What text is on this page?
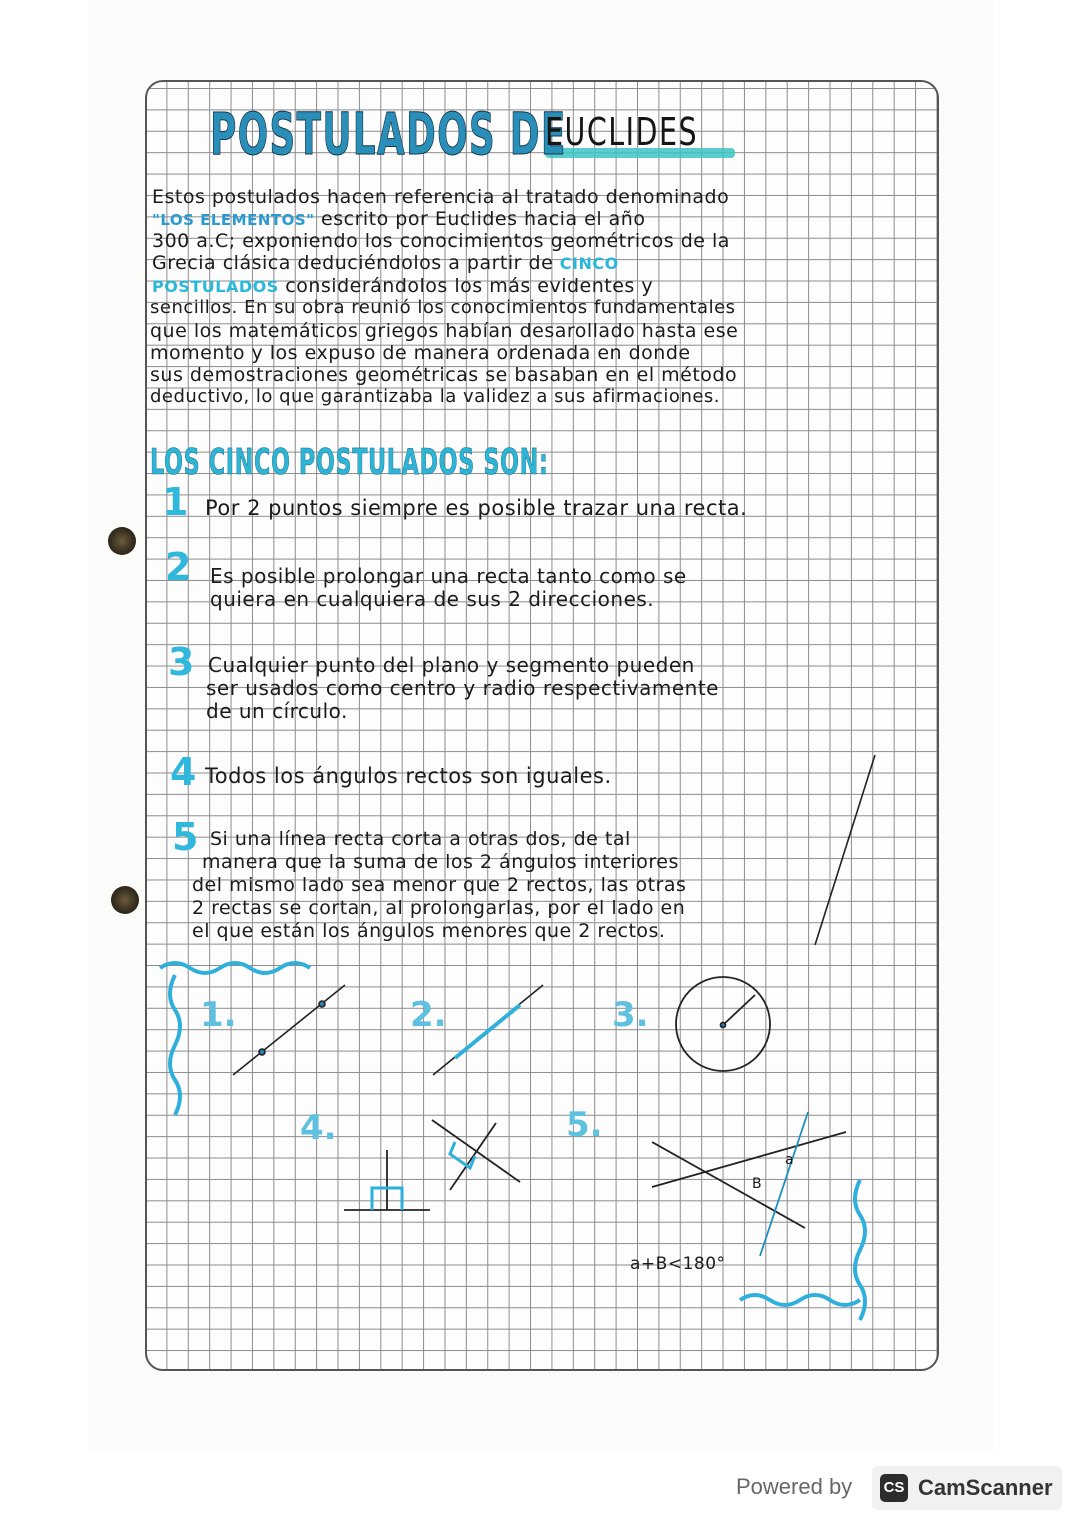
POSTULADOS DE
EUCLIDES
Estos postulados hacen referencia al tratado denominado
"LOS ELEMENTOS" escrito por Euclides hacia el año
300 a.C; exponiendo los conocimientos geométricos de la
Grecia clásica deduciéndolos a partir de CINCO
POSTULADOS considerándolos los más evidentes y
sencillos. En su obra reunió los conocimientos fundamentales
que los matemáticos griegos habían desarollado hasta ese
momento y los expuso de manera ordenada en donde
sus demostraciones geométricas se basaban en el método
deductivo, lo que garantizaba la validez a sus afirmaciones.
LOS CINCO POSTULADOS SON:
1 Por 2 puntos siempre es posible trazar una recta.
2 Es posible prolongar una recta tanto como se
quiera en cualquiera de sus 2 direcciones.
3 Cualquier punto del plano y segmento pueden
ser usados como centro y radio respectivamente
de un círculo.
4 Todos los ángulos rectos son iguales.
5 Si una línea recta corta a otras dos, de tal
manera que la suma de los 2 ángulos interiores
del mismo lado sea menor que 2 rectos, las otras
2 rectas se cortan, al prolongarlas, por el lado en
el que están los ángulos menores que 2 rectos.
1.	2.	3.
4.	5.
a
B
a+B<180°
Powered by CS CamScanner
